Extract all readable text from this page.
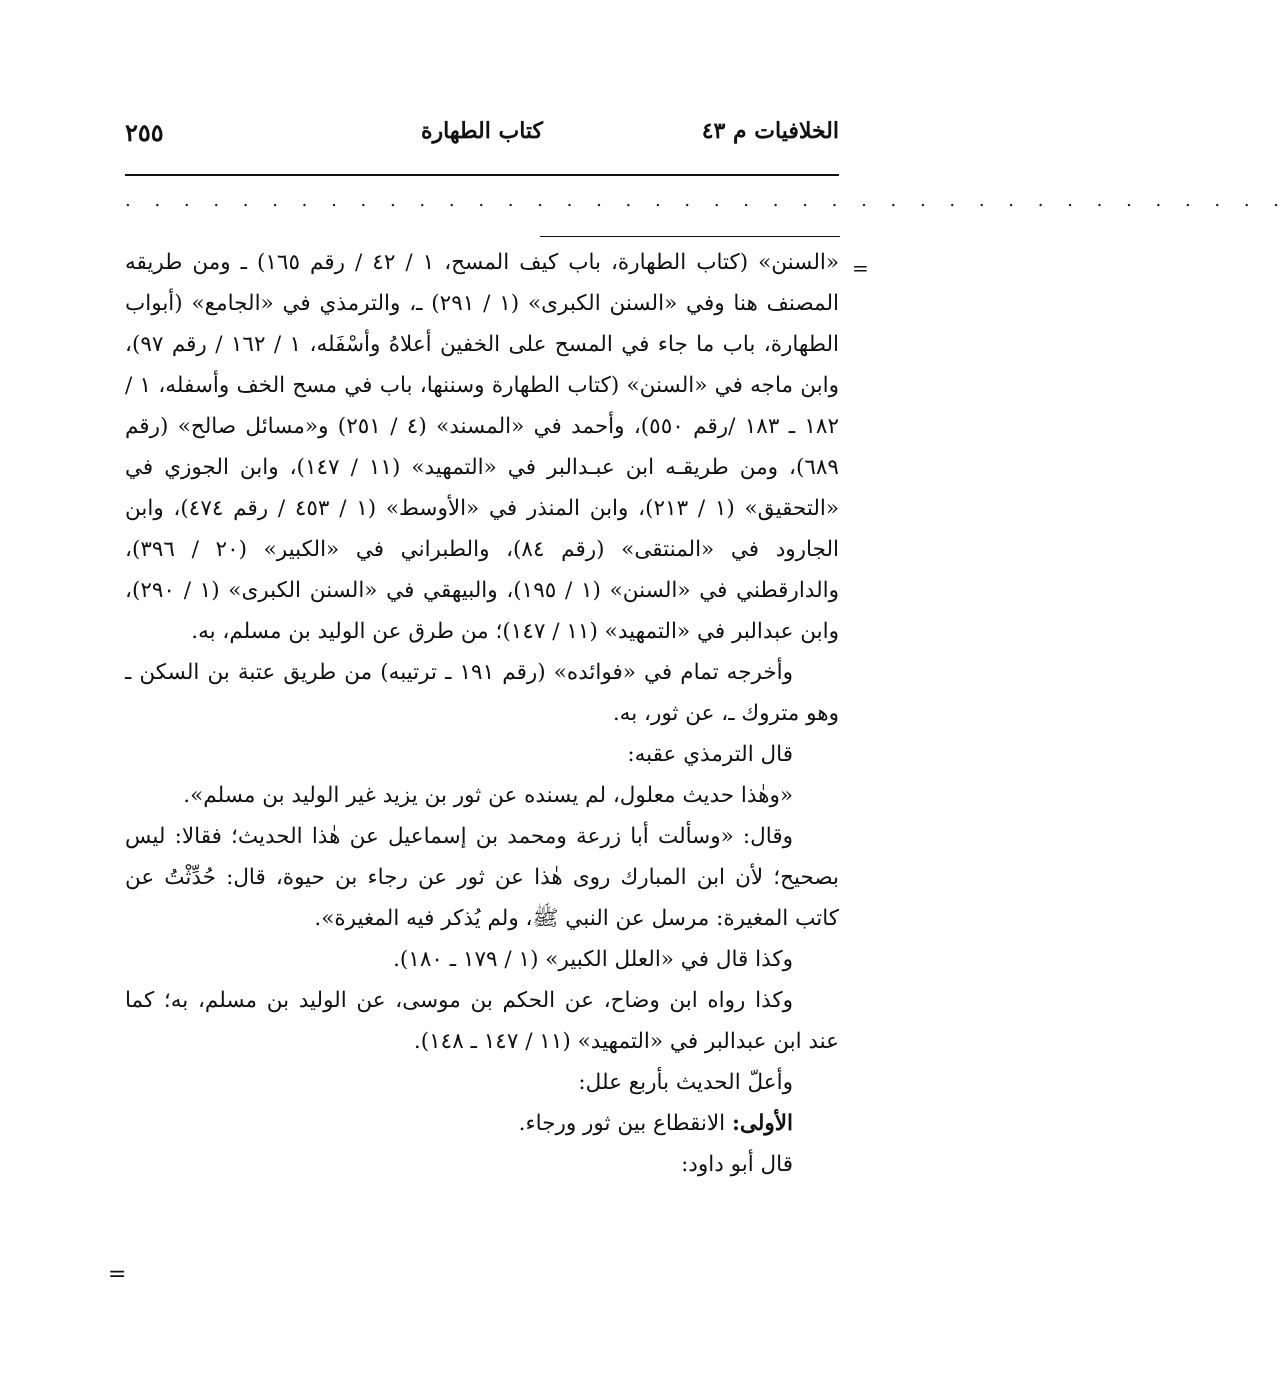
الخلافيات م ٤٣
كتاب الطهارة
٢٥٥
. . . . . . . . . . . . . . . . . . . . . . . . . . . . . . . . . . . . . . . .
=

«السنن» (كتاب الطهارة، باب كيف المسح، ١ / ٤٢ / رقم ١٦٥) ـ ومن طريقه المصنف هنا وفي «السنن الكبرى» (١ / ٢٩١) ـ، والترمذي في «الجامع» (أبواب الطهارة، باب ما جاء في المسح على الخفين أعلاهُ وأسْفَله، ١ / ١٦٢ / رقم ٩٧)، وابن ماجه في «السنن» (كتاب الطهارة وسننها، باب في مسح الخف وأسفله، ١ / ١٨٢ ـ ١٨٣ /رقم ٥٥٠)، وأحمد في «المسند» (٤ / ٢٥١) و«مسائل صالح» (رقم ٦٨٩)، ومن طريقـه ابن عبـدالبر في «التمهيد» (١١ / ١٤٧)، وابن الجوزي في «التحقيق» (١ / ٢١٣)، وابن المنذر في «الأوسط» (١ / ٤٥٣ / رقم ٤٧٤)، وابن الجارود في «المنتقى» (رقم ٨٤)، والطبراني في «الكبير» (٢٠ / ٣٩٦)، والدارقطني في «السنن» (١ / ١٩٥)، والبيهقي في «السنن الكبرى» (١ / ٢٩٠)، وابن عبدالبر في «التمهيد» (١١ / ١٤٧)؛ من طرق عن الوليد بن مسلم، به.

وأخرجه تمام في «فوائده» (رقم ١٩١ ـ ترتيبه) من طريق عتبة بن السكن ـ وهو متروك ـ، عن ثور، به.

قال الترمذي عقبه:

«وهٰذا حديث معلول، لم يسنده عن ثور بن يزيد غير الوليد بن مسلم».

وقال: «وسألت أبا زرعة ومحمد بن إسماعيل عن هٰذا الحديث؛ فقالا: ليس بصحيح؛ لأن ابن المبارك روى هٰذا عن ثور عن رجاء بن حيوة، قال: حُدِّثْتُ عن كاتب المغيرة: مرسل عن النبي ﷺ، ولم يُذكر فيه المغيرة».

وكذا قال في «العلل الكبير» (١ / ١٧٩ ـ ١٨٠).

وكذا رواه ابن وضاح، عن الحكم بن موسى، عن الوليد بن مسلم، به؛ كما عند ابن عبدالبر في «التمهيد» (١١ / ١٤٧ ـ ١٤٨).

وأعلّ الحديث بأربع علل:

الأولى: الانقطاع بين ثور ورجاء.

قال أبو داود:

=
